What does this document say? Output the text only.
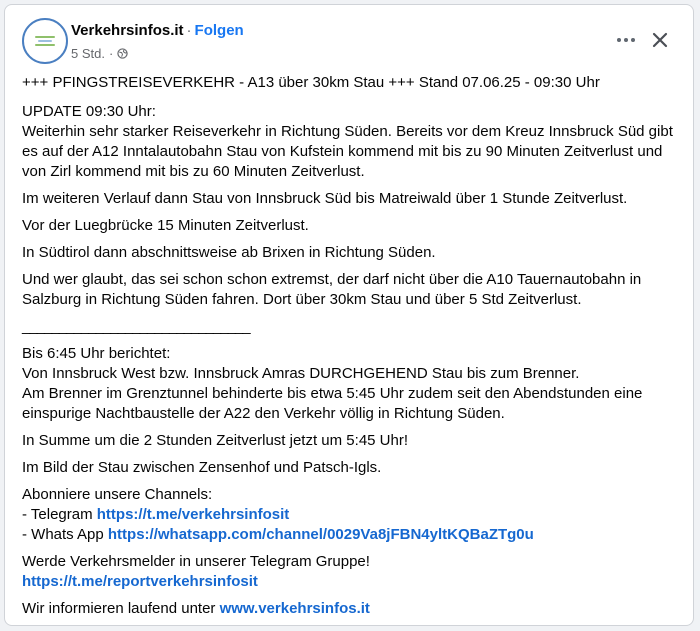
Verkehrsinfos.it · Folgen
5 Std. ·

+++ PFINGSTREISEVERKEHR - A13 über 30km Stau +++ Stand 07.06.25 - 09:30 Uhr

UPDATE 09:30 Uhr:

Weiterhin sehr starker Reiseverkehr in Richtung Süden. Bereits vor dem Kreuz Innsbruck Süd gibt es auf der A12 Inntalautobahn Stau von Kufstein kommend mit bis zu 90 Minuten Zeitverlust und von Zirl kommend mit bis zu 60 Minuten Zeitverlust.

Im weiteren Verlauf dann Stau von Innsbruck Süd bis Matreiwald über 1 Stunde Zeitverlust.

Vor der Luegbrücke 15 Minuten Zeitverlust.

In Südtirol dann abschnittsweise ab Brixen in Richtung Süden.

Und wer glaubt, das sei schon schon extremst, der darf nicht über die A10 Tauernautobahn in Salzburg in Richtung Süden fahren. Dort über 30km Stau und über 5 Std Zeitverlust.

_______________________________

Bis 6:45 Uhr berichtet:
Von Innsbruck West bzw. Innsbruck Amras DURCHGEHEND Stau bis zum Brenner.

Am Brenner im Grenztunnel behinderte bis etwa 5:45 Uhr zudem seit den Abendstunden eine einspurige Nachtbaustelle der A22 den Verkehr völlig in Richtung Süden.

In Summe um die 2 Stunden Zeitverlust jetzt um 5:45 Uhr!

Im Bild der Stau zwischen Zensenhof und Patsch-Igls.

Abonniere unsere Channels:
- Telegram https://t.me/verkehrsinfosit

- Whats App https://whatsapp.com/channel/0029Va8jFBN4yltKQBaZTg0u

Werde Verkehrsmelder in unserer Telegram Gruppe!

https://t.me/reportverkehrsinfosit

Wir informieren laufend unter www.verkehrsinfos.it
